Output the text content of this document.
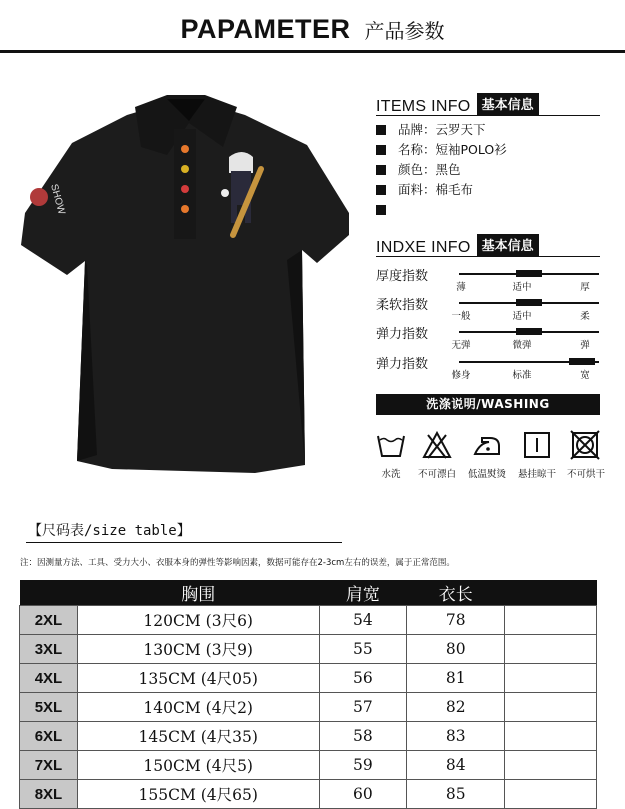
PAPAMETER 产品参数
SHOW
ITEMS INFO 基本信息
品牌：云罗天下
名称：短袖POLO衫
颜色：黑色
面料：棉毛布
INDXE INFO 基本信息
厚度指数
薄	适中	厚
柔软指数
一般	适中	柔
弹力指数
无弹	微弹	弹
弹力指数
修身	标准	宽
洗涤说明/WASHING
水洗	不可漂白	低温熨烫	悬挂晾干	不可烘干
【尺码表/size table】
注：因测量方法、工具、受力大小、衣服本身的弹性等影响因素，数据可能存在2-3cm左右的误差，属于正常范围。
	胸围	肩宽	衣长	
2XL	120CM (3尺6)	54	78	
3XL	130CM (3尺9)	55	80	
4XL	135CM (4尺05)	56	81	
5XL	140CM (4尺2)	57	82	
6XL	145CM (4尺35)	58	83	
7XL	150CM (4尺5)	59	84	
8XL	155CM (4尺65)	60	85	
